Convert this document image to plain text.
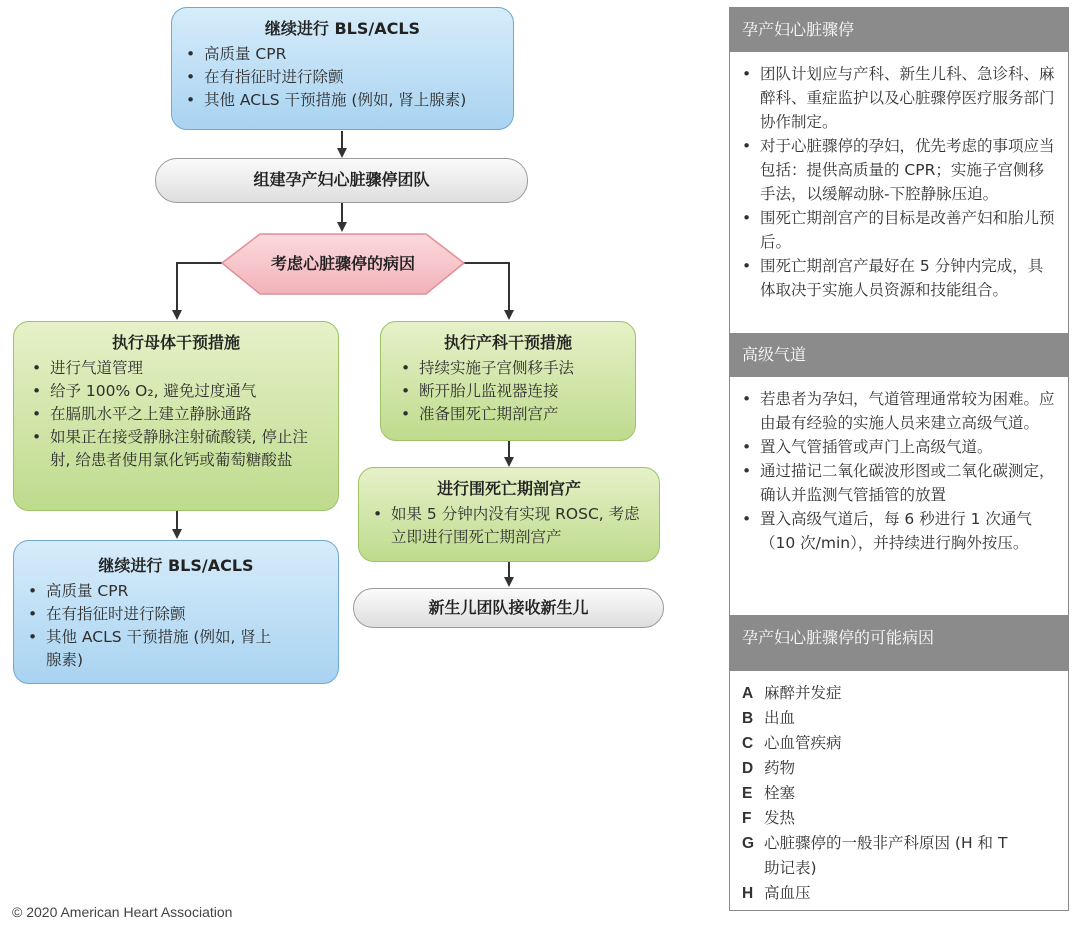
继续进行 BLS/ACLS
• 高质量 CPR
• 在有指征时进行除颤
• 其他 ACLS 干预措施 (例如, 肾上腺素)
组建孕产妇心脏骤停团队
考虑心脏骤停的病因
执行母体干预措施
• 进行气道管理
• 给予 100% O₂, 避免过度通气
• 在膈肌水平之上建立静脉通路
• 如果正在接受静脉注射硫酸镁, 停止注射, 给患者使用氯化钙或葡萄糖酸盐
执行产科干预措施
• 持续实施子宫侧移手法
• 断开胎儿监视器连接
• 准备围死亡期剖宫产
进行围死亡期剖宫产
• 如果 5 分钟内没有实现 ROSC, 考虑立即进行围死亡期剖宫产
新生儿团队接收新生儿
继续进行 BLS/ACLS
• 高质量 CPR
• 在有指征时进行除颤
• 其他 ACLS 干预措施 (例如, 肾上腺素)
孕产妇心脏骤停
• 团队计划应与产科、新生儿科、急诊科、麻醉科、重症监护以及心脏骤停医疗服务部门协作制定。
• 对于心脏骤停的孕妇，优先考虑的事项应当包括：提供高质量的 CPR；实施子宫侧移手法，以缓解动脉-下腔静脉压迫。
• 围死亡期剖宫产的目标是改善产妇和胎儿预后。
• 围死亡期剖宫产最好在 5 分钟内完成，具体取决于实施人员资源和技能组合。
高级气道
• 若患者为孕妇，气道管理通常较为困难。应由最有经验的实施人员来建立高级气道。
• 置入气管插管或声门上高级气道。
• 通过描记二氧化碳波形图或二氧化碳测定，确认并监测气管插管的放置
• 置入高级气道后，每 6 秒进行 1 次通气（10 次/min），并持续进行胸外按压。
孕产妇心脏骤停的可能病因
A 麻醉并发症
B 出血
C 心血管疾病
D 药物
E 栓塞
F 发热
G 心脏骤停的一般非产科原因 (H 和 T 助记表)
H 高血压
© 2020 American Heart Association
